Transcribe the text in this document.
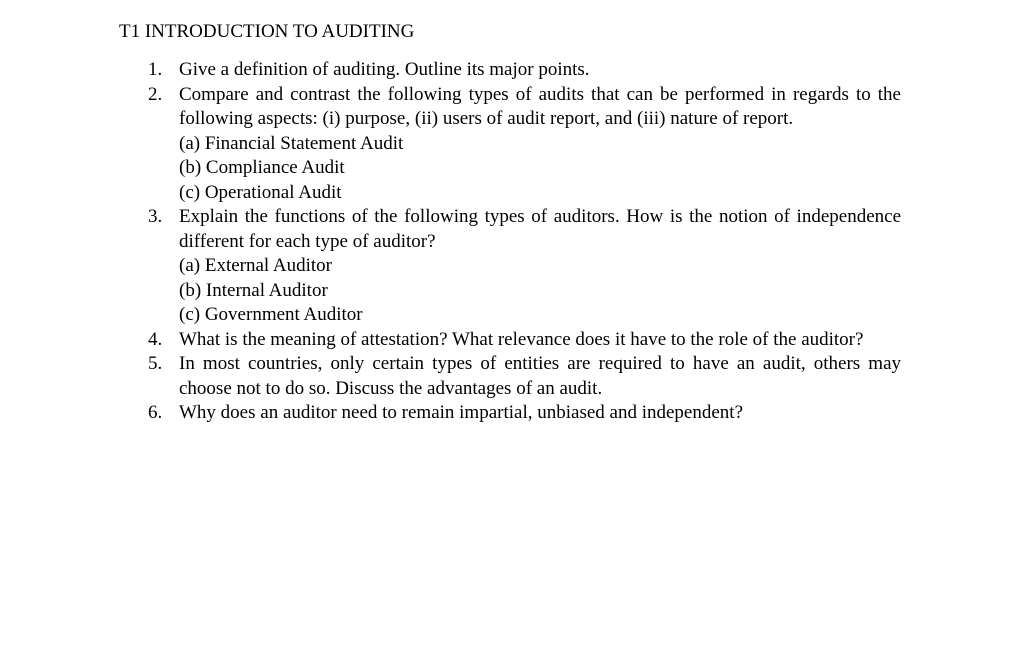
T1 INTRODUCTION TO AUDITING
1. Give a definition of auditing. Outline its major points.
2. Compare and contrast the following types of audits that can be performed in regards to the following aspects: (i) purpose, (ii) users of audit report, and (iii) nature of report.
(a) Financial Statement Audit
(b) Compliance Audit
(c) Operational Audit
3. Explain the functions of the following types of auditors. How is the notion of independence different for each type of auditor?
(a) External Auditor
(b) Internal Auditor
(c) Government Auditor
4. What is the meaning of attestation? What relevance does it have to the role of the auditor?
5. In most countries, only certain types of entities are required to have an audit, others may choose not to do so. Discuss the advantages of an audit.
6. Why does an auditor need to remain impartial, unbiased and independent?
